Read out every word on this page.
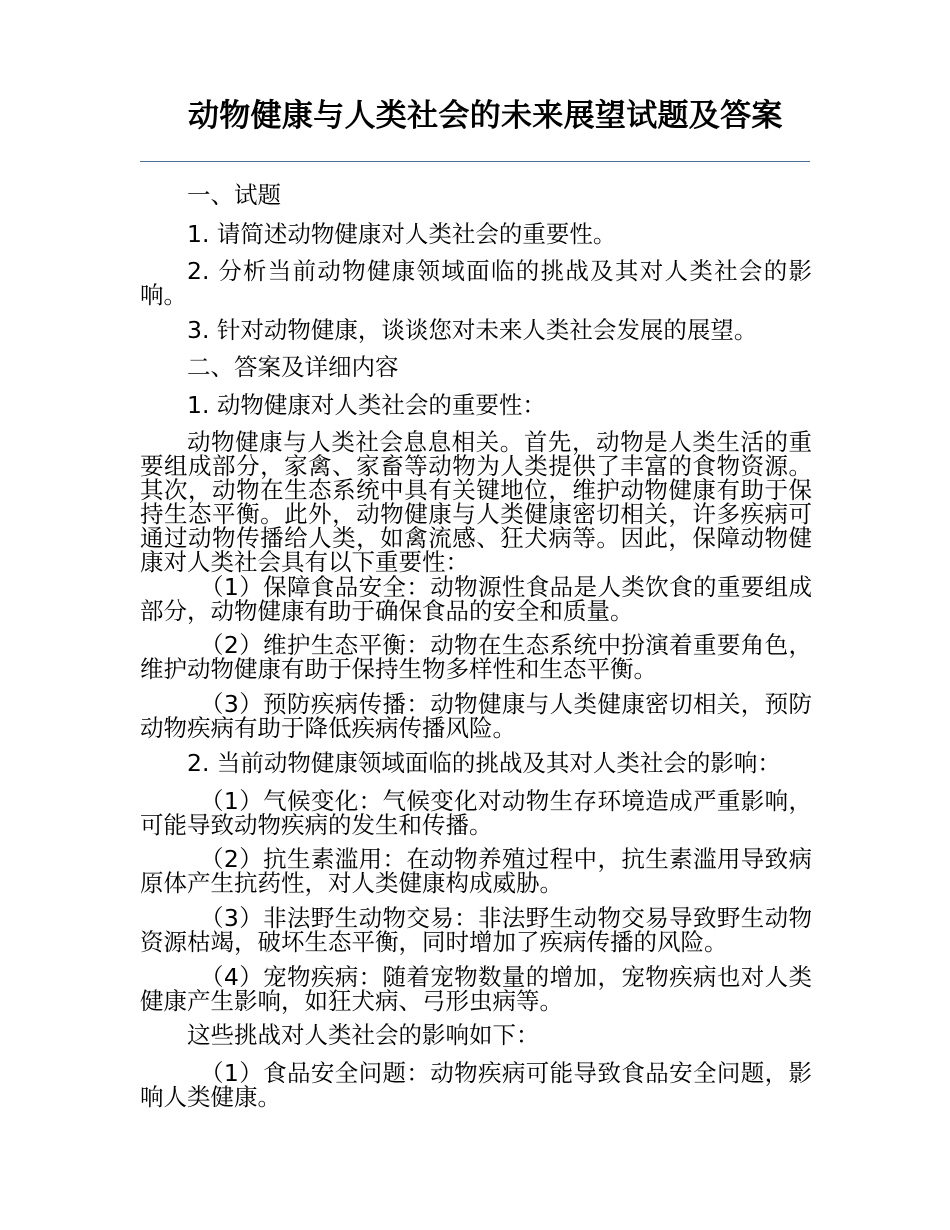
动物健康与人类社会的未来展望试题及答案

一、试题

1. 请简述动物健康对人类社会的重要性。

2. 分析当前动物健康领域面临的挑战及其对人类社会的影响。

3. 针对动物健康，谈谈您对未来人类社会发展的展望。

二、答案及详细内容

1. 动物健康对人类社会的重要性：

动物健康与人类社会息息相关。首先，动物是人类生活的重要组成部分，家禽、家畜等动物为人类提供了丰富的食物资源。其次，动物在生态系统中具有关键地位，维护动物健康有助于保持生态平衡。此外，动物健康与人类健康密切相关，许多疾病可通过动物传播给人类，如禽流感、狂犬病等。因此，保障动物健康对人类社会具有以下重要性：

（1）保障食品安全：动物源性食品是人类饮食的重要组成部分，动物健康有助于确保食品的安全和质量。

（2）维护生态平衡：动物在生态系统中扮演着重要角色，维护动物健康有助于保持生物多样性和生态平衡。

（3）预防疾病传播：动物健康与人类健康密切相关，预防动物疾病有助于降低疾病传播风险。

2. 当前动物健康领域面临的挑战及其对人类社会的影响：

（1）气候变化：气候变化对动物生存环境造成严重影响，可能导致动物疾病的发生和传播。

（2）抗生素滥用：在动物养殖过程中，抗生素滥用导致病原体产生抗药性，对人类健康构成威胁。

（3）非法野生动物交易：非法野生动物交易导致野生动物资源枯竭，破坏生态平衡，同时增加了疾病传播的风险。

（4）宠物疾病：随着宠物数量的增加，宠物疾病也对人类健康产生影响，如狂犬病、弓形虫病等。

这些挑战对人类社会的影响如下：

（1）食品安全问题：动物疾病可能导致食品安全问题，影响人类健康。
